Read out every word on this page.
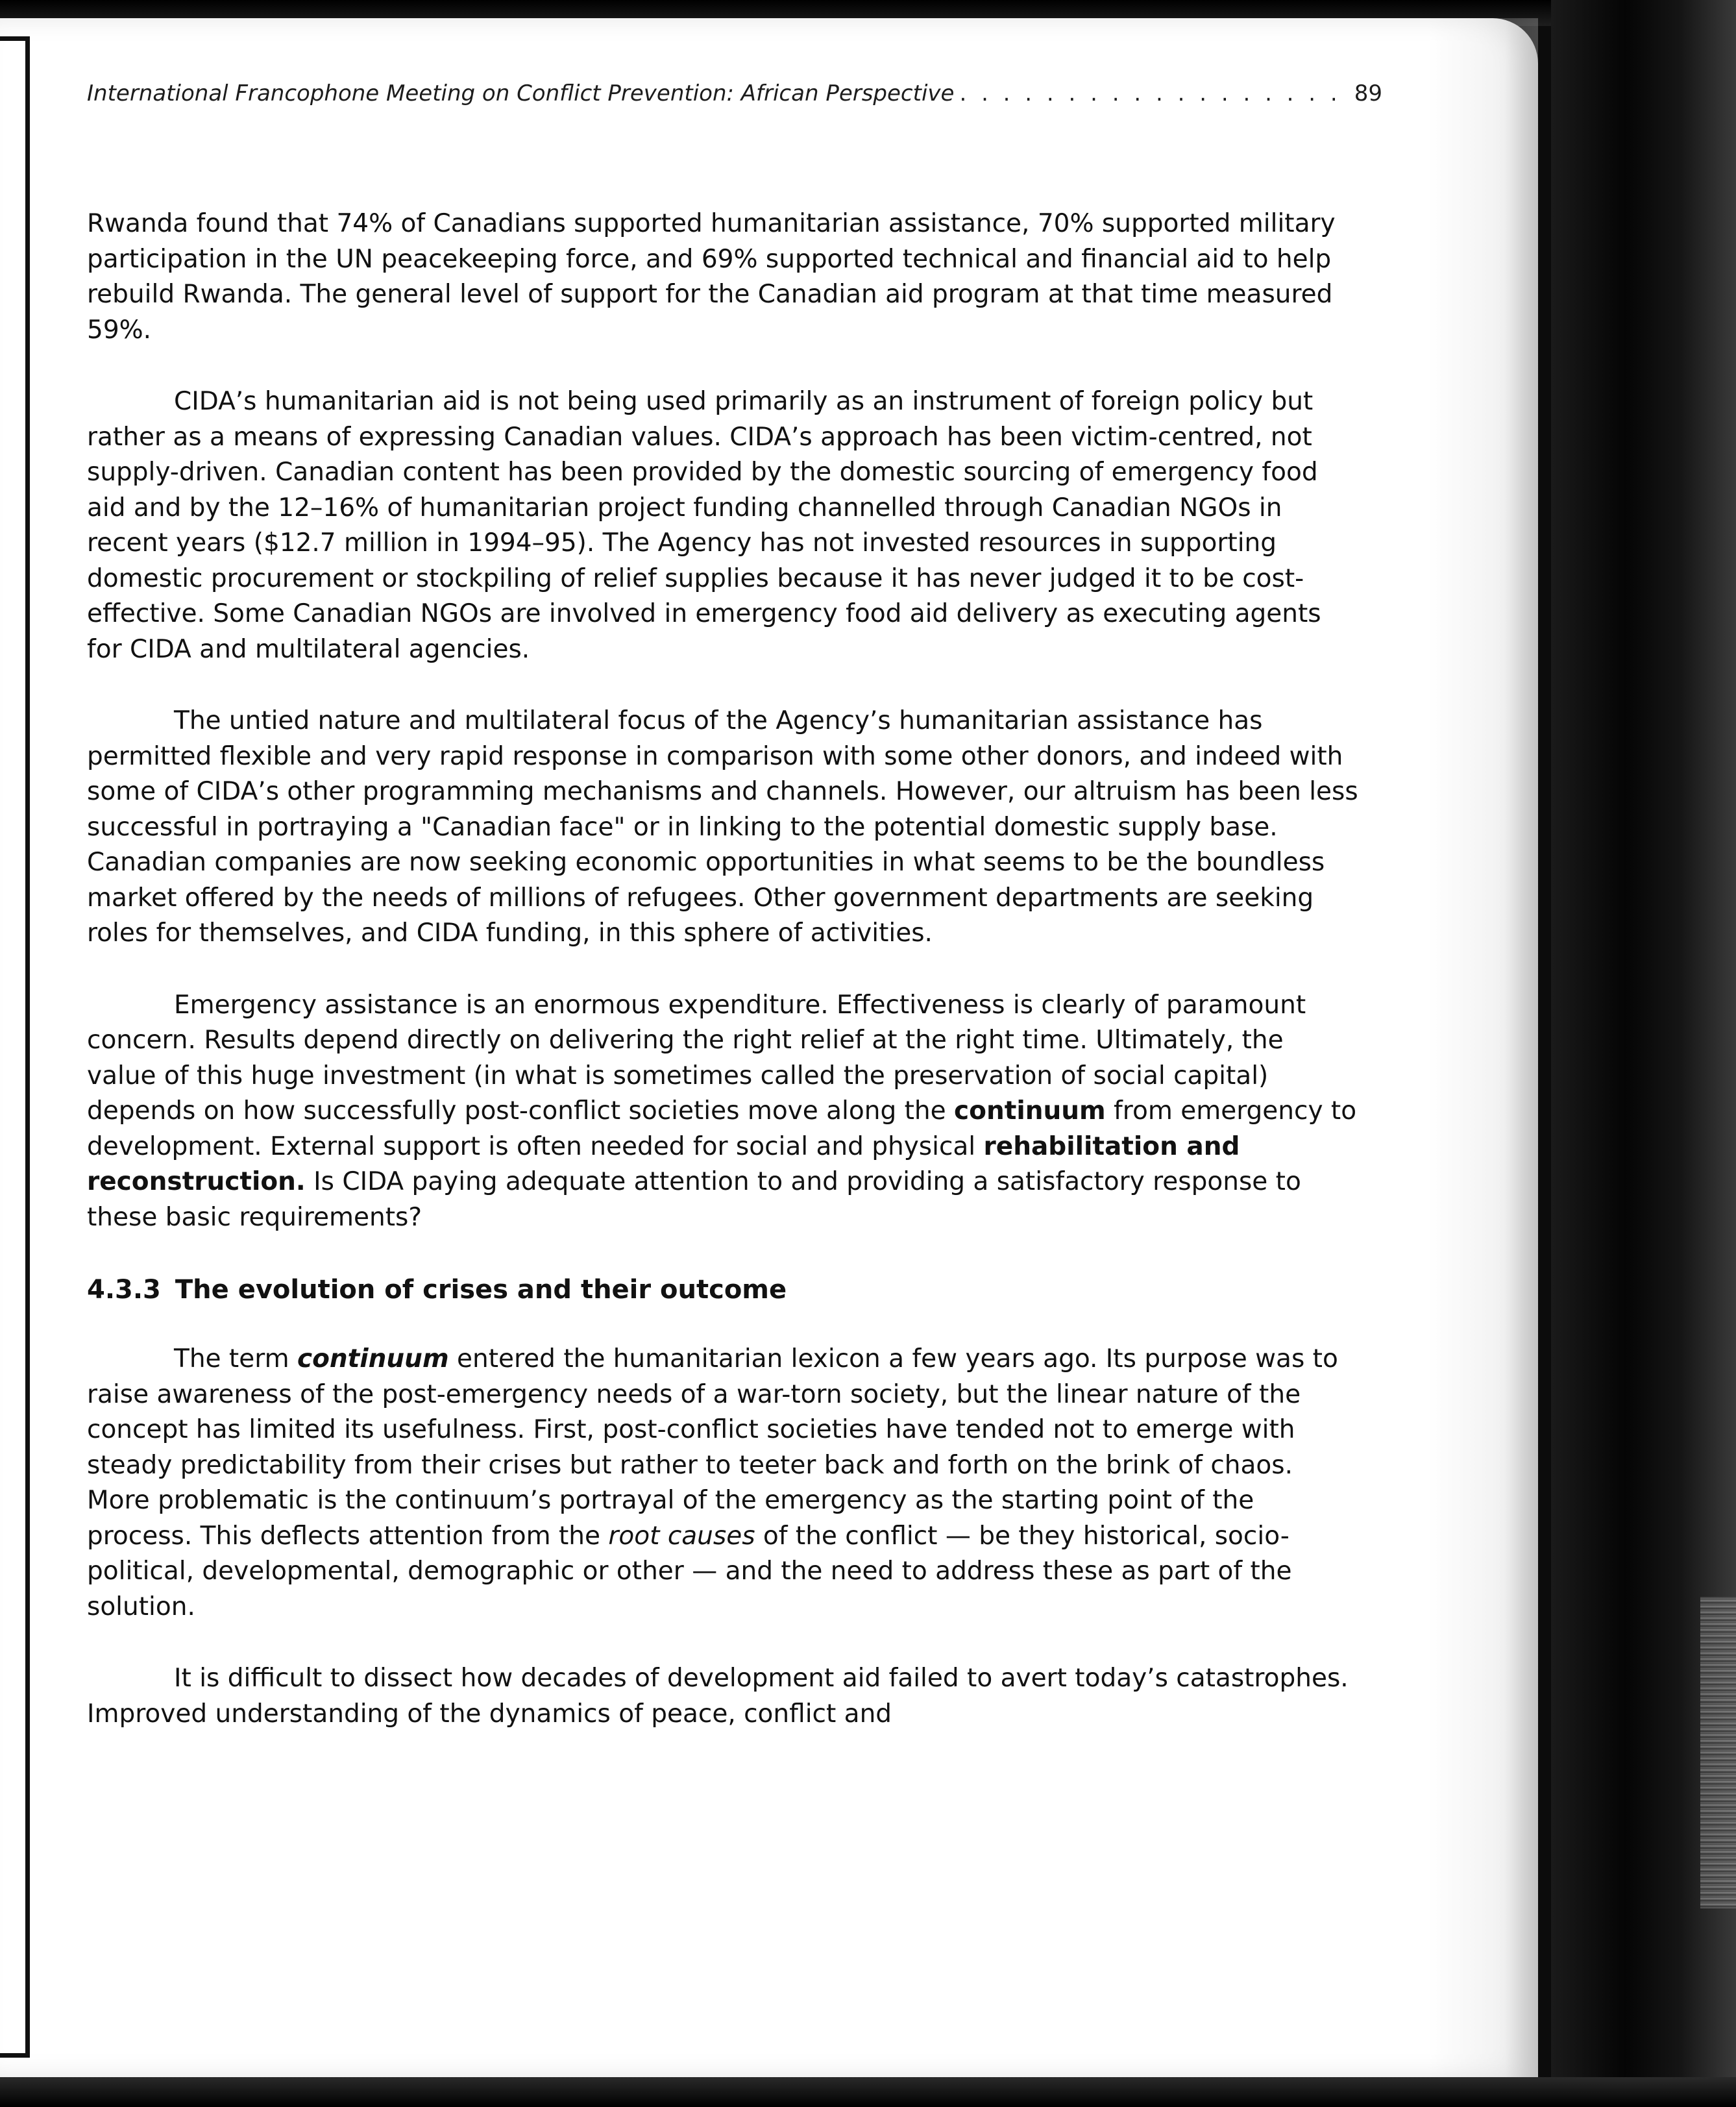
International Francophone Meeting on Conflict Prevention: African Perspective . . . . . . . . . . . . . . . . . . 89

Rwanda found that 74% of Canadians supported humanitarian assistance, 70% supported military participation in the UN peacekeeping force, and 69% supported technical and financial aid to help rebuild Rwanda. The general level of support for the Canadian aid program at that time measured 59%.

CIDA’s humanitarian aid is not being used primarily as an instrument of foreign policy but rather as a means of expressing Canadian values. CIDA’s approach has been victim-centred, not supply-driven. Canadian content has been provided by the domestic sourcing of emergency food aid and by the 12–16% of humanitarian project funding channelled through Canadian NGOs in recent years ($12.7 million in 1994–95). The Agency has not invested resources in supporting domestic procurement or stockpiling of relief supplies because it has never judged it to be cost-effective. Some Canadian NGOs are involved in emergency food aid delivery as executing agents for CIDA and multilateral agencies.

The untied nature and multilateral focus of the Agency’s humanitarian assistance has permitted flexible and very rapid response in comparison with some other donors, and indeed with some of CIDA’s other programming mechanisms and channels. However, our altruism has been less successful in portraying a "Canadian face" or in linking to the potential domestic supply base. Canadian companies are now seeking economic opportunities in what seems to be the boundless market offered by the needs of millions of refugees. Other government departments are seeking roles for themselves, and CIDA funding, in this sphere of activities.

Emergency assistance is an enormous expenditure. Effectiveness is clearly of paramount concern. Results depend directly on delivering the right relief at the right time. Ultimately, the value of this huge investment (in what is sometimes called the preservation of social capital) depends on how successfully post-conflict societies move along the continuum from emergency to development. External support is often needed for social and physical rehabilitation and reconstruction. Is CIDA paying adequate attention to and providing a satisfactory response to these basic requirements?

4.3.3 The evolution of crises and their outcome

The term continuum entered the humanitarian lexicon a few years ago. Its purpose was to raise awareness of the post-emergency needs of a war-torn society, but the linear nature of the concept has limited its usefulness. First, post-conflict societies have tended not to emerge with steady predictability from their crises but rather to teeter back and forth on the brink of chaos. More problematic is the continuum’s portrayal of the emergency as the starting point of the process. This deflects attention from the root causes of the conflict — be they historical, socio-political, developmental, demographic or other — and the need to address these as part of the solution.

It is difficult to dissect how decades of development aid failed to avert today’s catastrophes. Improved understanding of the dynamics of peace, conflict and
